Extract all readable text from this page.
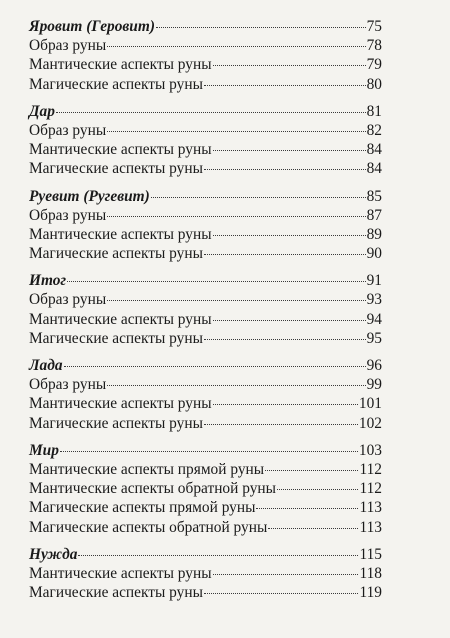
Яровит (Геровит)	75
Образ руны	78
Мантические аспекты руны	79
Магические аспекты руны	80
Дар	81
Образ руны	82
Мантические аспекты руны	84
Магические аспекты руны	84
Руевит (Ругевит)	85
Образ руны	87
Мантические аспекты руны	89
Магические аспекты руны	90
Итог	91
Образ руны	93
Мантические аспекты руны	94
Магические аспекты руны	95
Лада	96
Образ руны	99
Мантические аспекты руны	101
Магические аспекты руны	102
Мир	103
Мантические аспекты прямой руны	112
Мантические аспекты обратной руны	112
Магические аспекты прямой руны	113
Магические аспекты обратной руны	113
Нужда	115
Мантические аспекты руны	118
Магические аспекты руны	119
